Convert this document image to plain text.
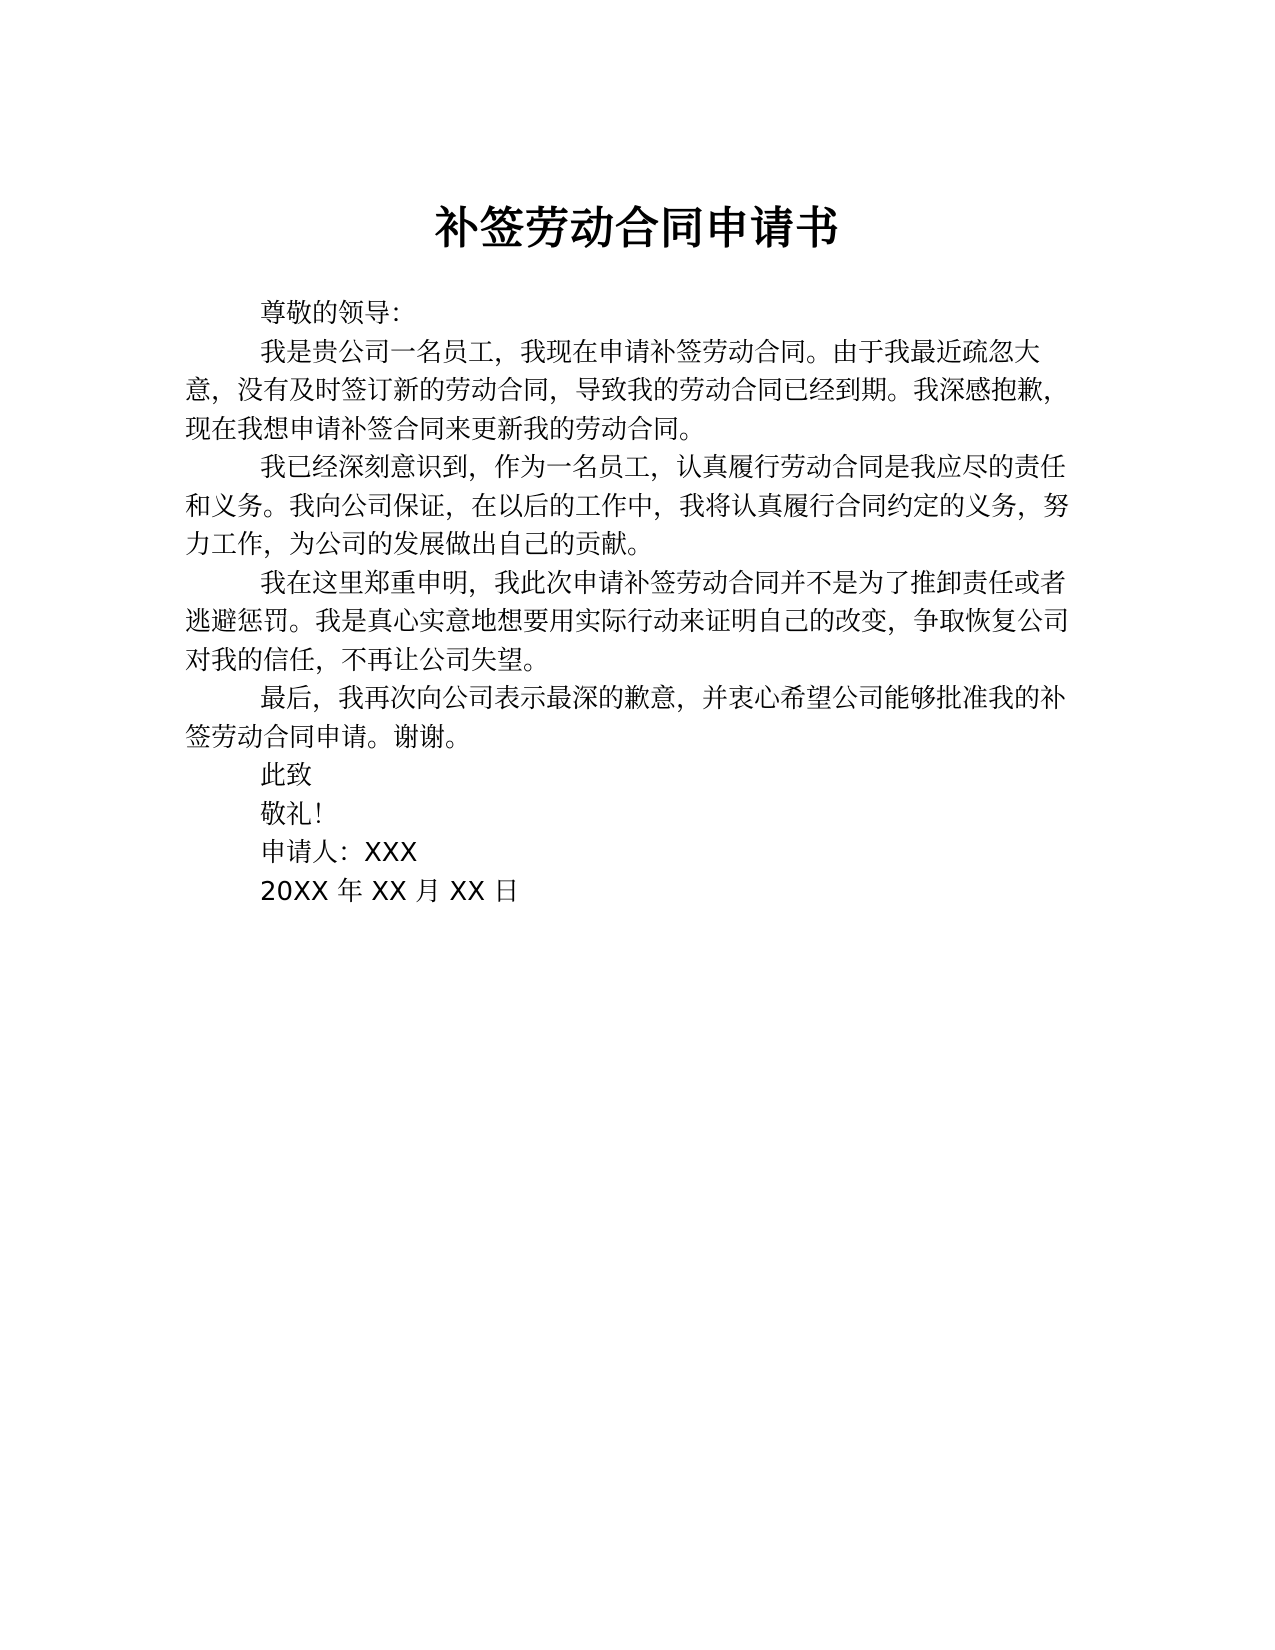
补签劳动合同申请书

尊敬的领导：

我是贵公司一名员工，我现在申请补签劳动合同。由于我最近疏忽大意，没有及时签订新的劳动合同，导致我的劳动合同已经到期。我深感抱歉，现在我想申请补签合同来更新我的劳动合同。

我已经深刻意识到，作为一名员工，认真履行劳动合同是我应尽的责任和义务。我向公司保证，在以后的工作中，我将认真履行合同约定的义务，努力工作，为公司的发展做出自己的贡献。

我在这里郑重申明，我此次申请补签劳动合同并不是为了推卸责任或者逃避惩罚。我是真心实意地想要用实际行动来证明自己的改变，争取恢复公司对我的信任，不再让公司失望。

最后，我再次向公司表示最深的歉意，并衷心希望公司能够批准我的补签劳动合同申请。谢谢。

此致

敬礼！

申请人：XXX

20XX 年 XX 月 XX 日
